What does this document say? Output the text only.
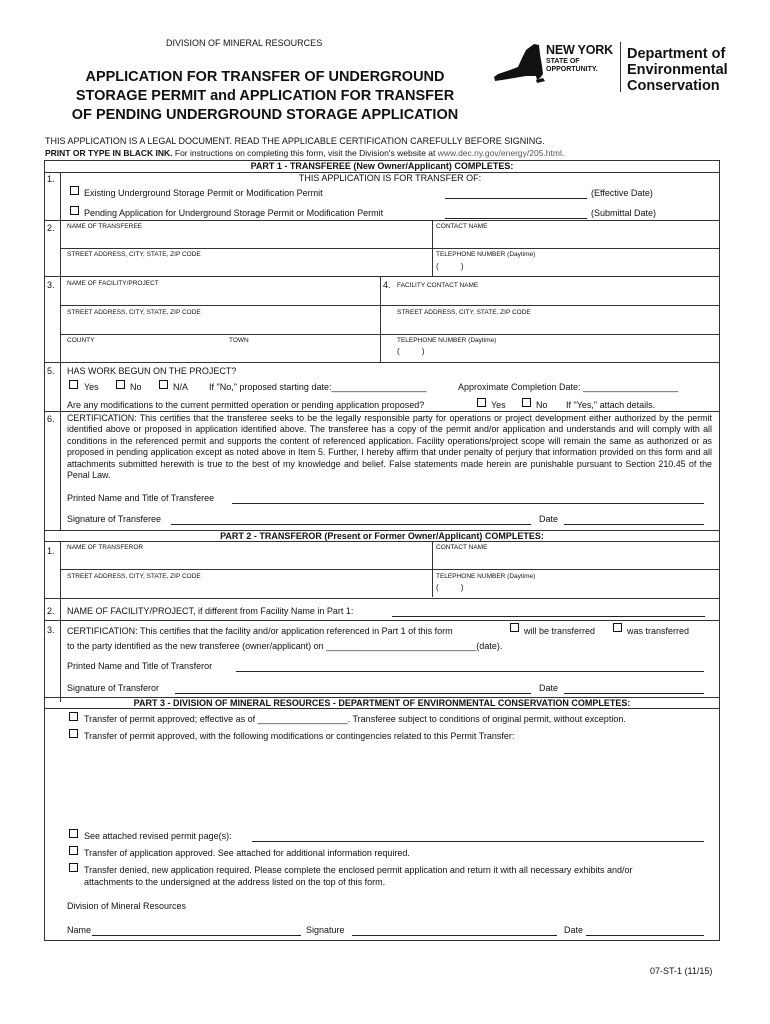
DIVISION OF MINERAL RESOURCES
APPLICATION FOR TRANSFER OF UNDERGROUND
STORAGE PERMIT and APPLICATION FOR TRANSFER
OF PENDING UNDERGROUND STORAGE APPLICATION
NEW YORK
STATE OF
OPPORTUNITY.
Department of
Environmental
Conservation
THIS APPLICATION IS A LEGAL DOCUMENT. READ THE APPLICABLE CERTIFICATION CAREFULLY BEFORE SIGNING.
PRINT OR TYPE IN BLACK INK. For instructions on completing this form, visit the Division's website at www.dec.ny.gov/energy/205.html.
PART 1 - TRANSFEREE (New Owner/Applicant) COMPLETES:
1.	THIS APPLICATION IS FOR TRANSFER OF:
Existing Underground Storage Permit or Modification Permit	(Effective Date)
Pending Application for Underground Storage Permit or Modification Permit	(Submittal Date)
2. NAME OF TRANSFEREE	CONTACT NAME
STREET ADDRESS, CITY, STATE, ZIP CODE	TELEPHONE NUMBER (Daytime)
(          )
3. NAME OF FACILITY/PROJECT	4. FACILITY CONTACT NAME
STREET ADDRESS, CITY, STATE, ZIP CODE	STREET ADDRESS, CITY, STATE, ZIP CODE
COUNTY	TOWN	TELEPHONE NUMBER (Daytime)
(          )
5. HAS WORK BEGUN ON THE PROJECT?
Yes	No	N/A If "No," proposed starting date:___________________	Approximate Completion Date: ___________________
Are any modifications to the current permitted operation or pending application proposed?	Yes	No If "Yes," attach details.
6. CERTIFICATION: This certifies that the transferee seeks to be the legally responsible party for operations or project development either authorized by the permit identified above or proposed in application identified above. The transferee has a copy of the permit and/or application and understands and will comply with all conditions in the referenced permit and supports the content of referenced application. Facility operations/project scope will remain the same as authorized or as proposed in pending application except as noted above in Item 5. Further, I hereby affirm that under penalty of perjury that information provided on this form and all attachments submitted herewith is true to the best of my knowledge and belief. False statements made herein are punishable pursuant to Section 210.45 of the Penal Law.
Printed Name and Title of Transferee
Signature of Transferee	Date
PART 2 - TRANSFEROR (Present or Former Owner/Applicant) COMPLETES:
1. NAME OF TRANSFEROR	CONTACT NAME
STREET ADDRESS, CITY, STATE, ZIP CODE	TELEPHONE NUMBER (Daytime)
(          )
2. NAME OF FACILITY/PROJECT, if different from Facility Name in Part 1:
3. CERTIFICATION: This certifies that the facility and/or application referenced in Part 1 of this form	will be transferred	was transferred
to the party identified as the new transferee (owner/applicant) on ______________________________(date).
Printed Name and Title of Transferor
Signature of Transferor	Date
PART 3 - DIVISION OF MINERAL RESOURCES - DEPARTMENT OF ENVIRONMENTAL CONSERVATION COMPLETES:
Transfer of permit approved; effective as of __________________. Transferee subject to conditions of original permit, without exception.
Transfer of permit approved, with the following modifications or contingencies related to this Permit Transfer:
See attached revised permit page(s):
Transfer of application approved. See attached for additional information required.
Transfer denied, new application required. Please complete the enclosed permit application and return it with all necessary exhibits and/or
attachments to the undersigned at the address listed on the top of this form.
Division of Mineral Resources
Name	Signature	Date
07-ST-1 (11/15)
